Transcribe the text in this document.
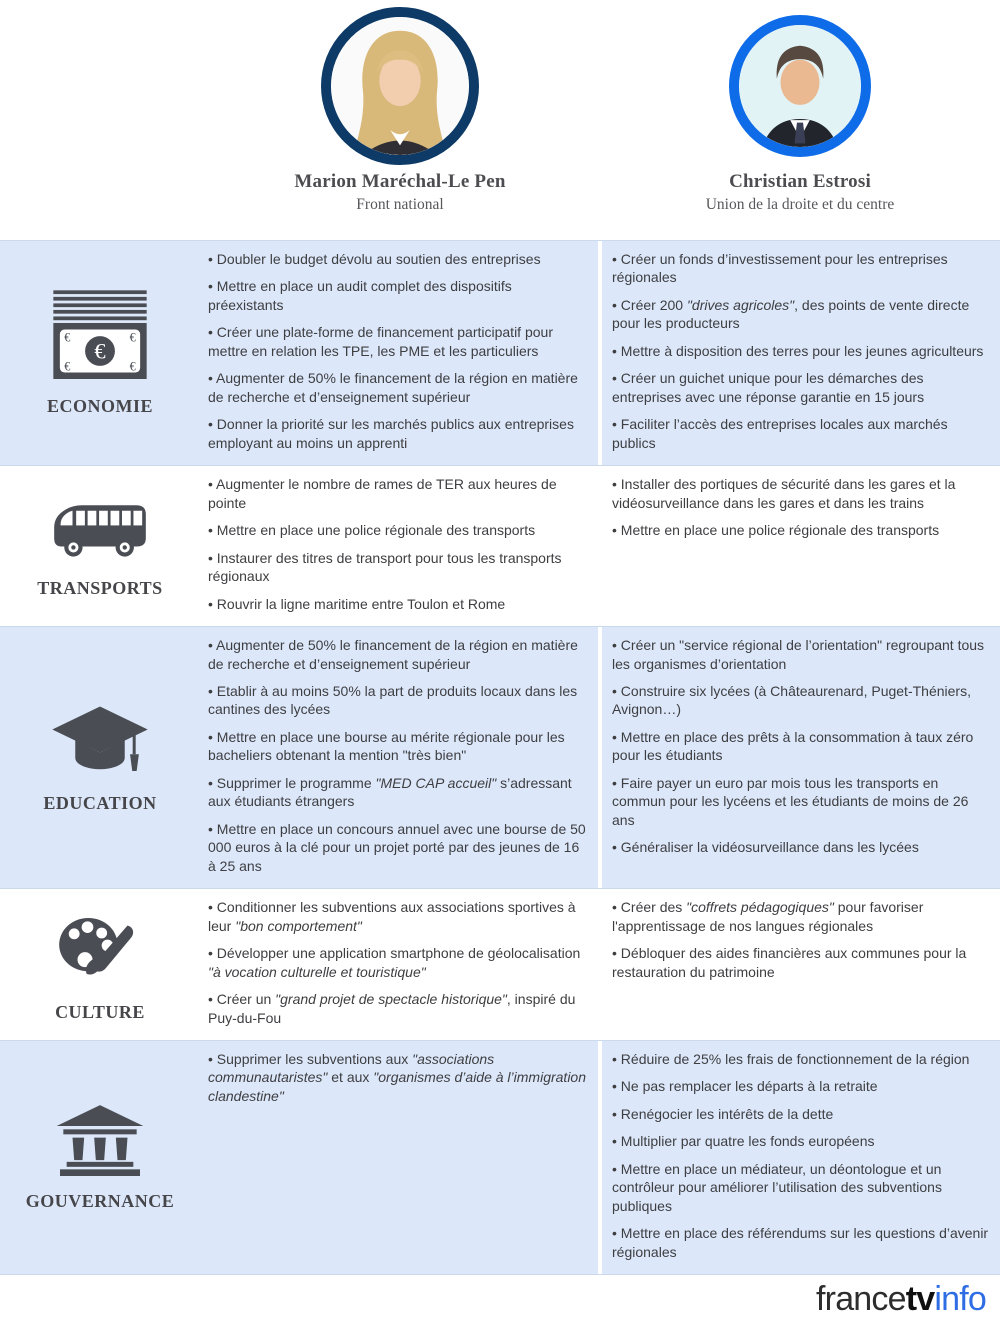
Marion Maréchal-Le Pen
Front national
Christian Estrosi
Union de la droite et du centre
€
€	€
€	€
ECONOMIE
• Doubler le budget dévolu au soutien des entreprises
• Mettre en place un audit complet des dispositifs préexistants
• Créer une plate-forme de financement participatif pour mettre en relation les TPE, les PME et les particuliers
• Augmenter de 50% le financement de la région en matière de recherche et d’enseignement supérieur
• Donner la priorité sur les marchés publics aux entreprises employant au moins un apprenti
• Créer un fonds d’investissement pour les entreprises régionales
• Créer 200 "drives agricoles", des points de vente directe pour les producteurs
• Mettre à disposition des terres pour les jeunes agriculteurs
• Créer un guichet unique pour les démarches des entreprises avec une réponse garantie en 15 jours
• Faciliter l’accès des entreprises locales aux marchés publics
TRANSPORTS
• Augmenter le nombre de rames de TER aux heures de pointe
• Mettre en place une police régionale des transports
• Instaurer des titres de transport pour tous les transports régionaux
• Rouvrir la ligne maritime entre Toulon et Rome
• Installer des portiques de sécurité dans les gares et la vidéosurveillance dans les gares et dans les trains
• Mettre en place une police régionale des transports
EDUCATION
• Augmenter de 50% le financement de la région en matière de recherche et d’enseignement supérieur
• Etablir à au moins 50% la part de produits locaux dans les cantines des lycées
• Mettre en place une bourse au mérite régionale pour les bacheliers obtenant la mention "très bien"
• Supprimer le programme "MED CAP accueil" s’adressant aux étudiants étrangers
• Mettre en place un concours annuel avec une bourse de 50 000 euros à la clé pour un projet porté par des jeunes de 16 à 25 ans
• Créer un "service régional de l’orientation" regroupant tous les organismes d’orientation
• Construire six lycées (à Châteaurenard, Puget-Théniers, Avignon…)
• Mettre en place des prêts à la consommation à taux zéro pour les étudiants
• Faire payer un euro par mois tous les transports en commun pour les lycéens et les étudiants de moins de 26 ans
• Généraliser la vidéosurveillance dans les lycées
CULTURE
• Conditionner les subventions aux associations sportives à leur "bon comportement"
• Développer une application smartphone de géolocalisation "à vocation culturelle et touristique"
• Créer un "grand projet de spectacle historique", inspiré du Puy-du-Fou
• Créer des "coffrets pédagogiques" pour favoriser l'apprentissage de nos langues régionales
• Débloquer des aides financières aux communes pour la restauration du patrimoine
GOUVERNANCE
• Supprimer les subventions aux "associations communautaristes" et aux "organismes d’aide à l’immigration clandestine"
• Réduire de 25% les frais de fonctionnement de la région
• Ne pas remplacer les départs à la retraite
• Renégocier les intérêts de la dette
• Multiplier par quatre les fonds européens
• Mettre en place un médiateur, un déontologue et un contrôleur pour améliorer l’utilisation des subventions publiques
• Mettre en place des référendums sur les questions d’avenir régionales
francetvinfo
